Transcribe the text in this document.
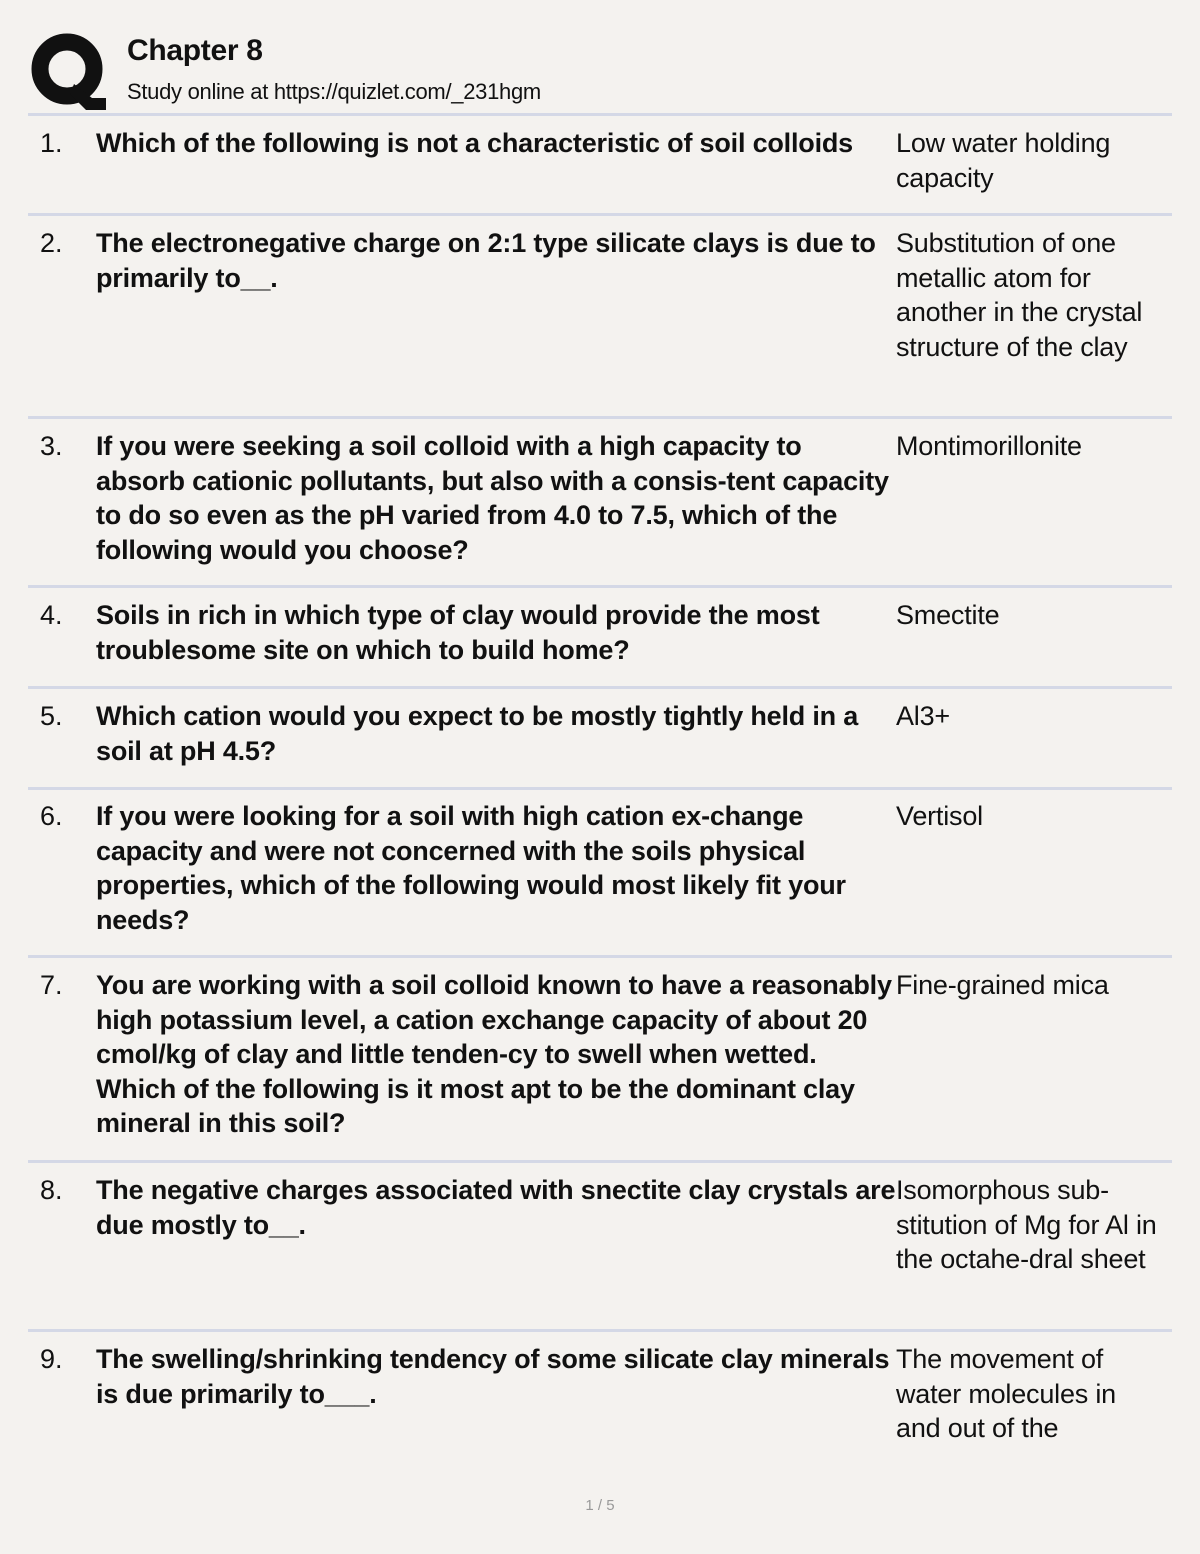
Chapter 8
Study online at https://quizlet.com/_231hgm
1. Which of the following is not a characteristic of soil colloids	Low water holding capacity
2. The electronegative charge on 2:1 type silicate clays is due to primarily to__.
Substitution of one metallic atom for another in the crystal structure of the clay
3. If you were seeking a soil colloid with a high capacity to absorb cationic pollutants, but also with a consis-tent capacity to do so even as the pH varied from 4.0 to 7.5, which of the following would you choose?
Montimorillonite
4. Soils in rich in which type of clay would provide the most troublesome site on which to build home?
Smectite
5. Which cation would you expect to be mostly tightly held in a soil at pH 4.5?
Al3+
6. If you were looking for a soil with high cation ex-change capacity and were not concerned with the soils physical properties, which of the following would most likely fit your needs?
Vertisol
7. You are working with a soil colloid known to have a reasonably high potassium level, a cation exchange capacity of about 20 cmol/kg of clay and little tenden-cy to swell when wetted. Which of the following is it most apt to be the dominant clay mineral in this soil?
Fine-grained mica
8. The negative charges associated with snectite clay crystals are due mostly to__.
Isomorphous sub-stitution of Mg for Al in the octahe-dral sheet
9. The swelling/shrinking tendency of some silicate clay minerals is due primarily to___.
The movement of water molecules in and out of the
1 / 5
